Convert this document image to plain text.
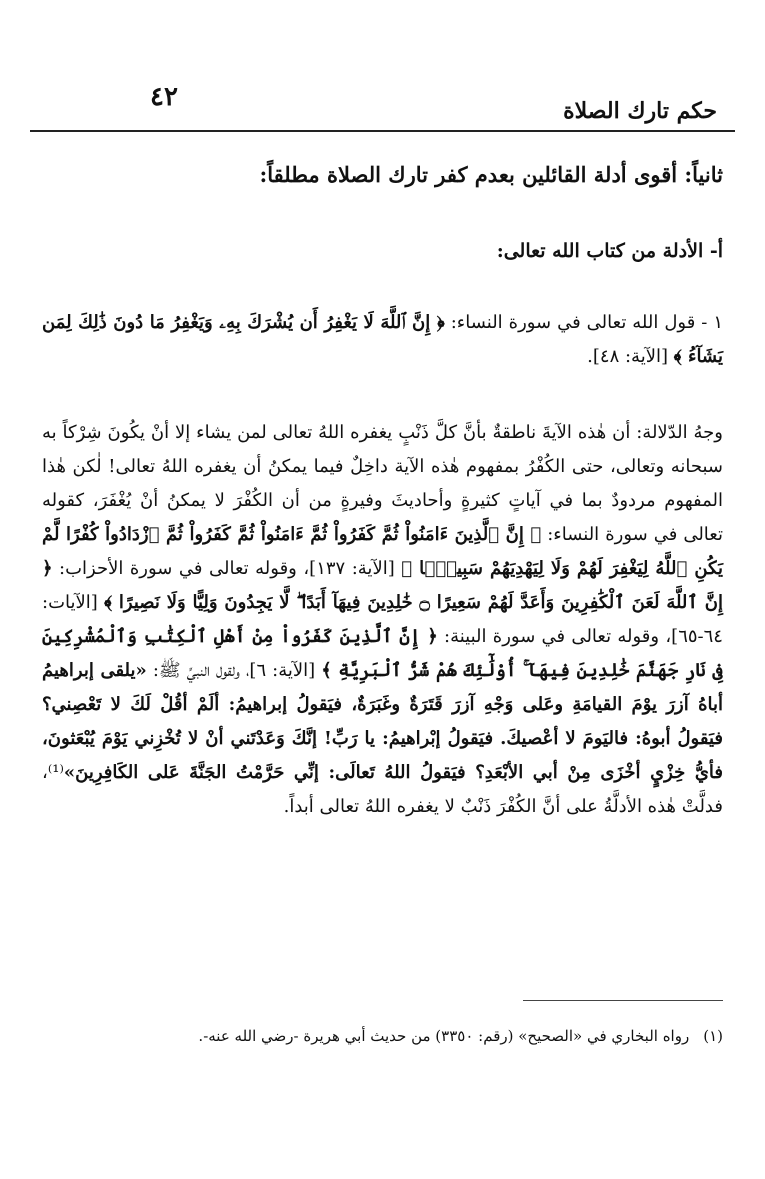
٤٢	حكم تارك الصلاة

ثانياً: أقوى أدلة القائلين بعدم كفر تارك الصلاة مطلقاً:

أ- الأدلة من كتاب الله تعالى:

١ - قول الله تعالى في سورة النساء: ﴿ إِنَّ ٱللَّهَ لَا يَغْفِرُ أَن يُشْرَكَ بِهِۦ وَيَغْفِرُ مَا دُونَ ذَٰلِكَ لِمَن يَشَآءُ ﴾ [الآية: ٤٨].

وجهُ الدّلالة: أن هٰذه الآيةَ ناطقةٌ بأنَّ كلَّ ذَنْبٍ يغفره اللهُ تعالى لمن يشاء إلا أنْ يكُونَ شِرْكاً به سبحانه وتعالى، حتى الكُفْرُ بمفهوم هٰذه الآية داخِلٌ فيما يمكنُ أن يغفره اللهُ تعالى! لٰكن هٰذا المفهوم مردودٌ بما في آياتٍ كثيرةٍ وأحاديثَ وفيرةٍ من أن الكُفْرَ لا يمكنُ أنْ يُغْفَرَ، كقوله تعالى في سورة النساء: ﴿ إِنَّ ٱلَّذِينَ ءَامَنُواْ ثُمَّ كَفَرُواْ ثُمَّ ءَامَنُواْ ثُمَّ كَفَرُواْ ثُمَّ ٱزْدَادُواْ كُفْرًا لَّمْ يَكُنِ ٱللَّهُ لِيَغْفِرَ لَهُمْ وَلَا لِيَهْدِيَهُمْ سَبِيلًۢا ﴾ [الآية: ١٣٧]، وقوله تعالى في سورة الأحزاب: ﴿ إِنَّ ٱللَّهَ لَعَنَ ٱلْكَٰفِرِينَ وَأَعَدَّ لَهُمْ سَعِيرًا ۝ خَٰلِدِينَ فِيهَآ أَبَدًا ۖ لَّا يَجِدُونَ وَلِيًّا وَلَا نَصِيرًا ﴾ [الآيات: ٦٤-٦٥]، وقوله تعالى في سورة البينة: ﴿ إِنَّ ٱلَّذِينَ كَفَرُواْ مِنْ أَهْلِ ٱلْكِتَٰبِ وَٱلْمُشْرِكِينَ فِى نَارِ جَهَنَّمَ خَٰلِدِينَ فِيهَآ ۚ أُوْلَٰٓئِكَ هُمْ شَرُّ ٱلْبَرِيَّةِ ﴾ [الآية: ٦]، ولقول النبيِّ ﷺ: «يلقى إبراهيمُ أباهُ آزرَ يوْمَ القيامَةِ وعَلى وَجْهِ آزرَ قَتَرَةٌ وغَبَرَةٌ، فيَقولُ إبراهيمُ: ألَمْ أقُلْ لَكَ لا تَعْصِني؟ فيَقولُ أبوهُ: فاليَومَ لا أعْصيكَ. فيَقولُ إبْراهيمُ: يا رَبِّ! إنَّكَ وَعَدْتَني أنْ لا تُخْزِني يَوْمَ يُبْعَثونَ، فأيُّ خِزْيٍ أخْزَى مِنْ أبي الأبْعَدِ؟ فيَقولُ اللهُ تَعالَى: إنِّي حَرَّمْتُ الجَنَّةَ عَلى الكَافِرِينَ»⁽¹⁾، فدلَّتْ هٰذه الأدلَّةُ على أنَّ الكُفْرَ ذَنْبٌ لا يغفره اللهُ تعالى أبداً.

(١)رواه البخاري في «الصحيح» (رقم: ٣٣٥٠) من حديث أبي هريرة -رضي الله عنه-.
